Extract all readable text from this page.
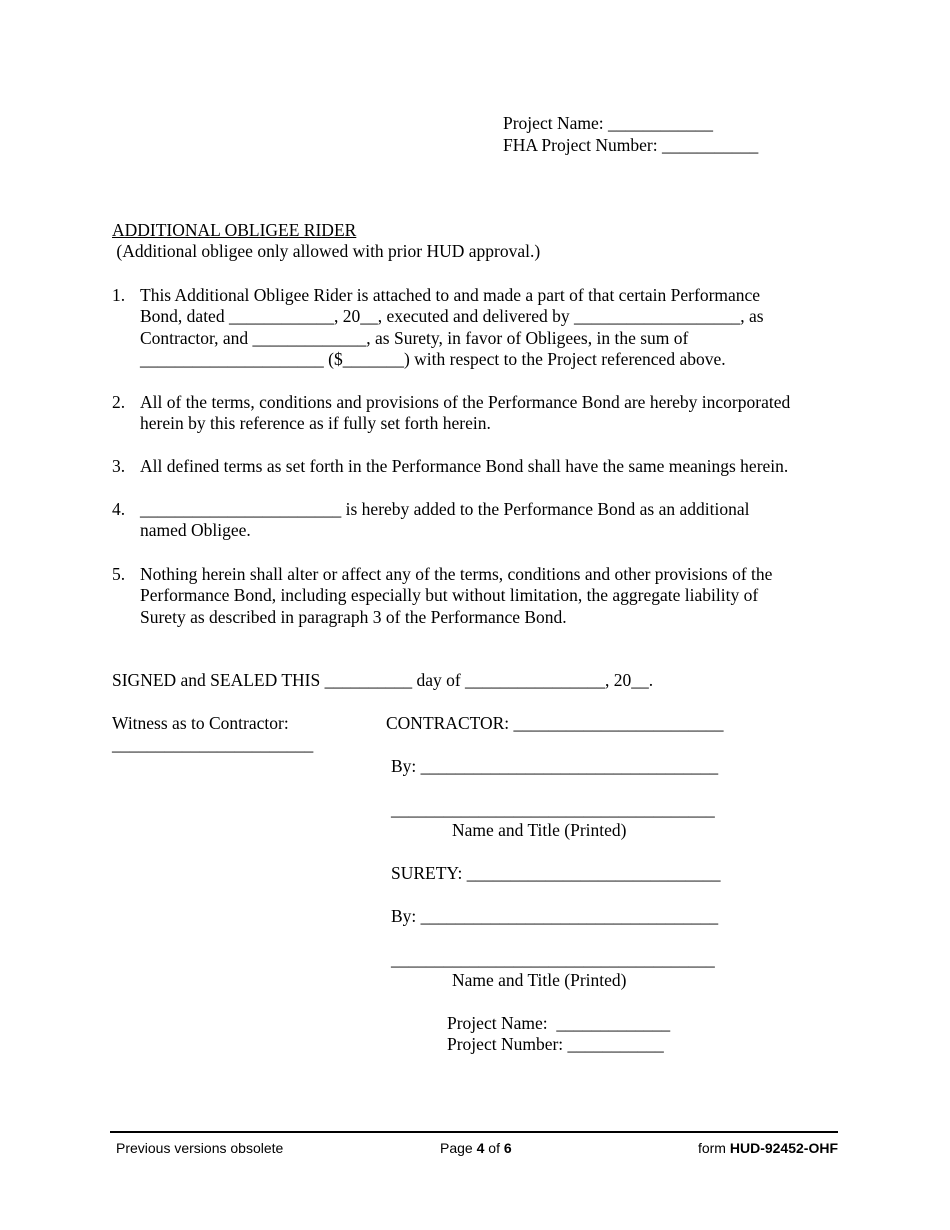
Project Name: ____________
FHA Project Number: ___________
ADDITIONAL OBLIGEE RIDER
(Additional obligee only allowed with prior HUD approval.)
1. This Additional Obligee Rider is attached to and made a part of that certain Performance
Bond, dated ____________, 20__, executed and delivered by ___________________, as
Contractor, and _____________, as Surety, in favor of Obligees, in the sum of
_____________________ ($_______) with respect to the Project referenced above.
2. All of the terms, conditions and provisions of the Performance Bond are hereby incorporated
herein by this reference as if fully set forth herein.
3. All defined terms as set forth in the Performance Bond shall have the same meanings herein.
4. _______________________ is hereby added to the Performance Bond as an additional
named Obligee.
5. Nothing herein shall alter or affect any of the terms, conditions and other provisions of the
Performance Bond, including especially but without limitation, the aggregate liability of
Surety as described in paragraph 3 of the Performance Bond.
SIGNED and SEALED THIS __________ day of ________________, 20__.
Witness as to Contractor:
_______________________
CONTRACTOR: ________________________
By: __________________________________
_____________________________________
Name and Title (Printed)
SURETY: _____________________________
By: __________________________________
_____________________________________
Name and Title (Printed)
Project Name:  _____________
Project Number: ___________
Previous versions obsolete	Page 4 of 6	form HUD-92452-OHF
